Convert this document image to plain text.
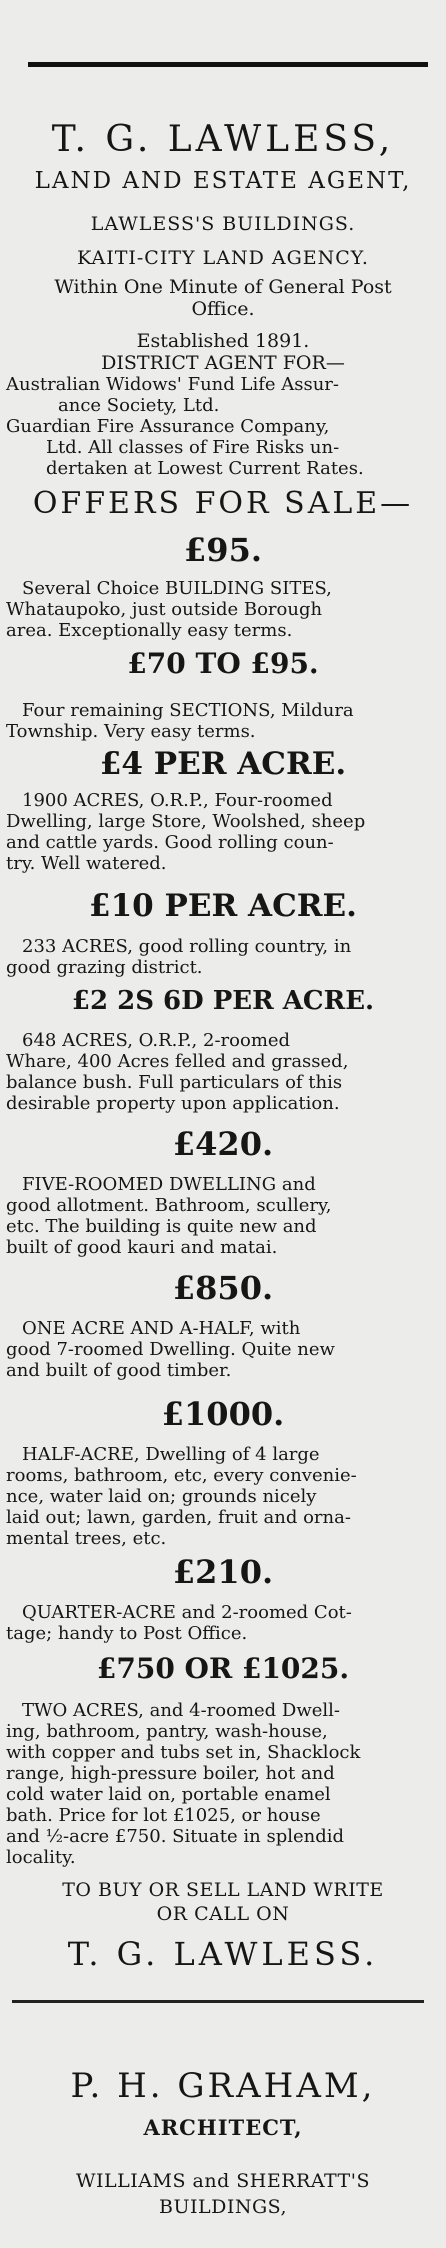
T. G. LAWLESS,
LAND AND ESTATE AGENT,
LAWLESS'S BUILDINGS.
KAITI-CITY LAND AGENCY.
Within One Minute of General Post
Office.
Established 1891.
DISTRICT AGENT FOR—
Australian Widows' Fund Life Assur-
ance Society, Ltd.
Guardian Fire Assurance Company,
Ltd. All classes of Fire Risks un-
dertaken at Lowest Current Rates.
OFFERS FOR SALE—
£95.
Several Choice BUILDING SITES,
Whataupoko, just outside Borough
area. Exceptionally easy terms.
£70 TO £95.
Four remaining SECTIONS, Mildura
Township. Very easy terms.
£4 PER ACRE.
1900 ACRES, O.R.P., Four-roomed
Dwelling, large Store, Woolshed, sheep
and cattle yards. Good rolling coun-
try. Well watered.
£10 PER ACRE.
233 ACRES, good rolling country, in
good grazing district.
£2 2S 6D PER ACRE.
648 ACRES, O.R.P., 2-roomed
Whare, 400 Acres felled and grassed,
balance bush. Full particulars of this
desirable property upon application.
£420.
FIVE-ROOMED DWELLING and
good allotment. Bathroom, scullery,
etc. The building is quite new and
built of good kauri and matai.
£850.
ONE ACRE AND A-HALF, with
good 7-roomed Dwelling. Quite new
and built of good timber.
£1000.
HALF-ACRE, Dwelling of 4 large
rooms, bathroom, etc, every convenie-
nce, water laid on; grounds nicely
laid out; lawn, garden, fruit and orna-
mental trees, etc.
£210.
QUARTER-ACRE and 2-roomed Cot-
tage; handy to Post Office.
£750 OR £1025.
TWO ACRES, and 4-roomed Dwell-
ing, bathroom, pantry, wash-house,
with copper and tubs set in, Shacklock
range, high-pressure boiler, hot and
cold water laid on, portable enamel
bath. Price for lot £1025, or house
and ½-acre £750. Situate in splendid
locality.
TO BUY OR SELL LAND WRITE
OR CALL ON
T. G. LAWLESS.
P. H. GRAHAM,
ARCHITECT,
WILLIAMS and SHERRATT'S
BUILDINGS,
